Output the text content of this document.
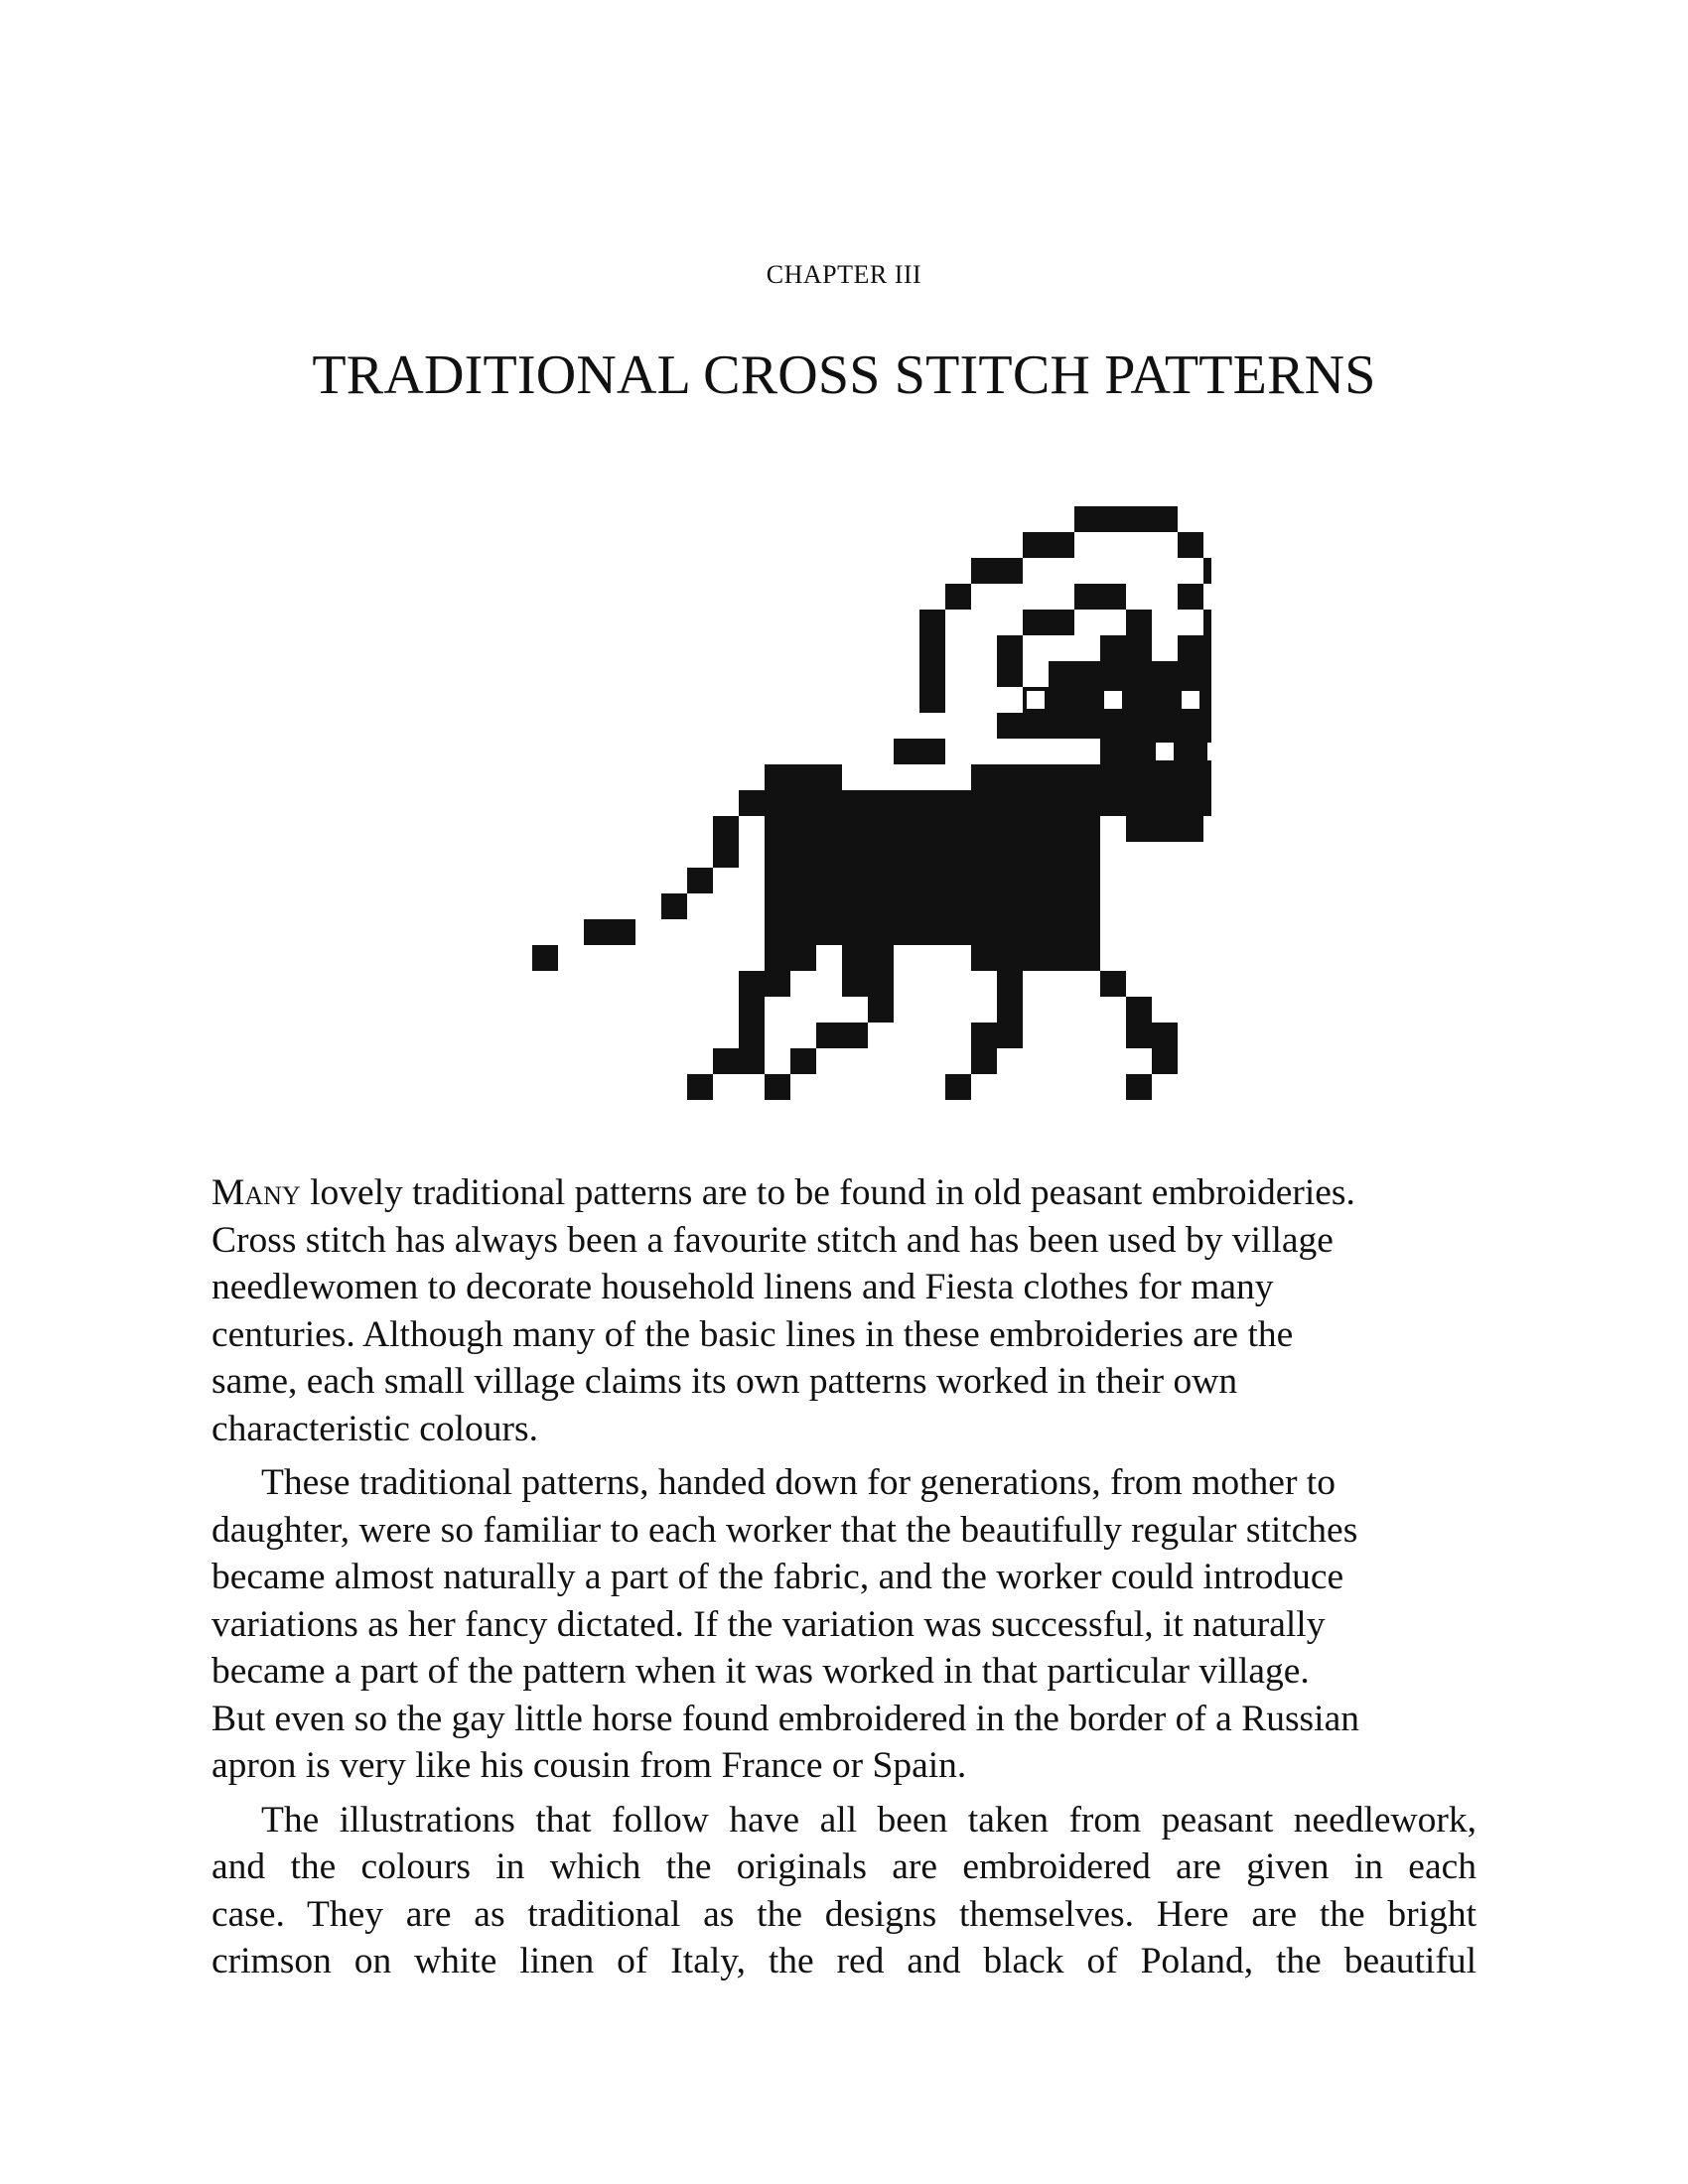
CHAPTER III
TRADITIONAL CROSS STITCH PATTERNS

Many lovely traditional patterns are to be found in old peasant embroideries.
Cross stitch has always been a favourite stitch and has been used by village
needlewomen to decorate household linens and Fiesta clothes for many
centuries. Although many of the basic lines in these embroideries are the
same, each small village claims its own patterns worked in their own
characteristic colours.

These traditional patterns, handed down for generations, from mother to
daughter, were so familiar to each worker that the beautifully regular stitches
became almost naturally a part of the fabric, and the worker could introduce
variations as her fancy dictated. If the variation was successful, it naturally
became a part of the pattern when it was worked in that particular village.
But even so the gay little horse found embroidered in the border of a Russian
apron is very like his cousin from France or Spain.

The illustrations that follow have all been taken from peasant needlework,
and the colours in which the originals are embroidered are given in each
case. They are as traditional as the designs themselves. Here are the bright
crimson on white linen of Italy, the red and black of Poland, the beautiful
